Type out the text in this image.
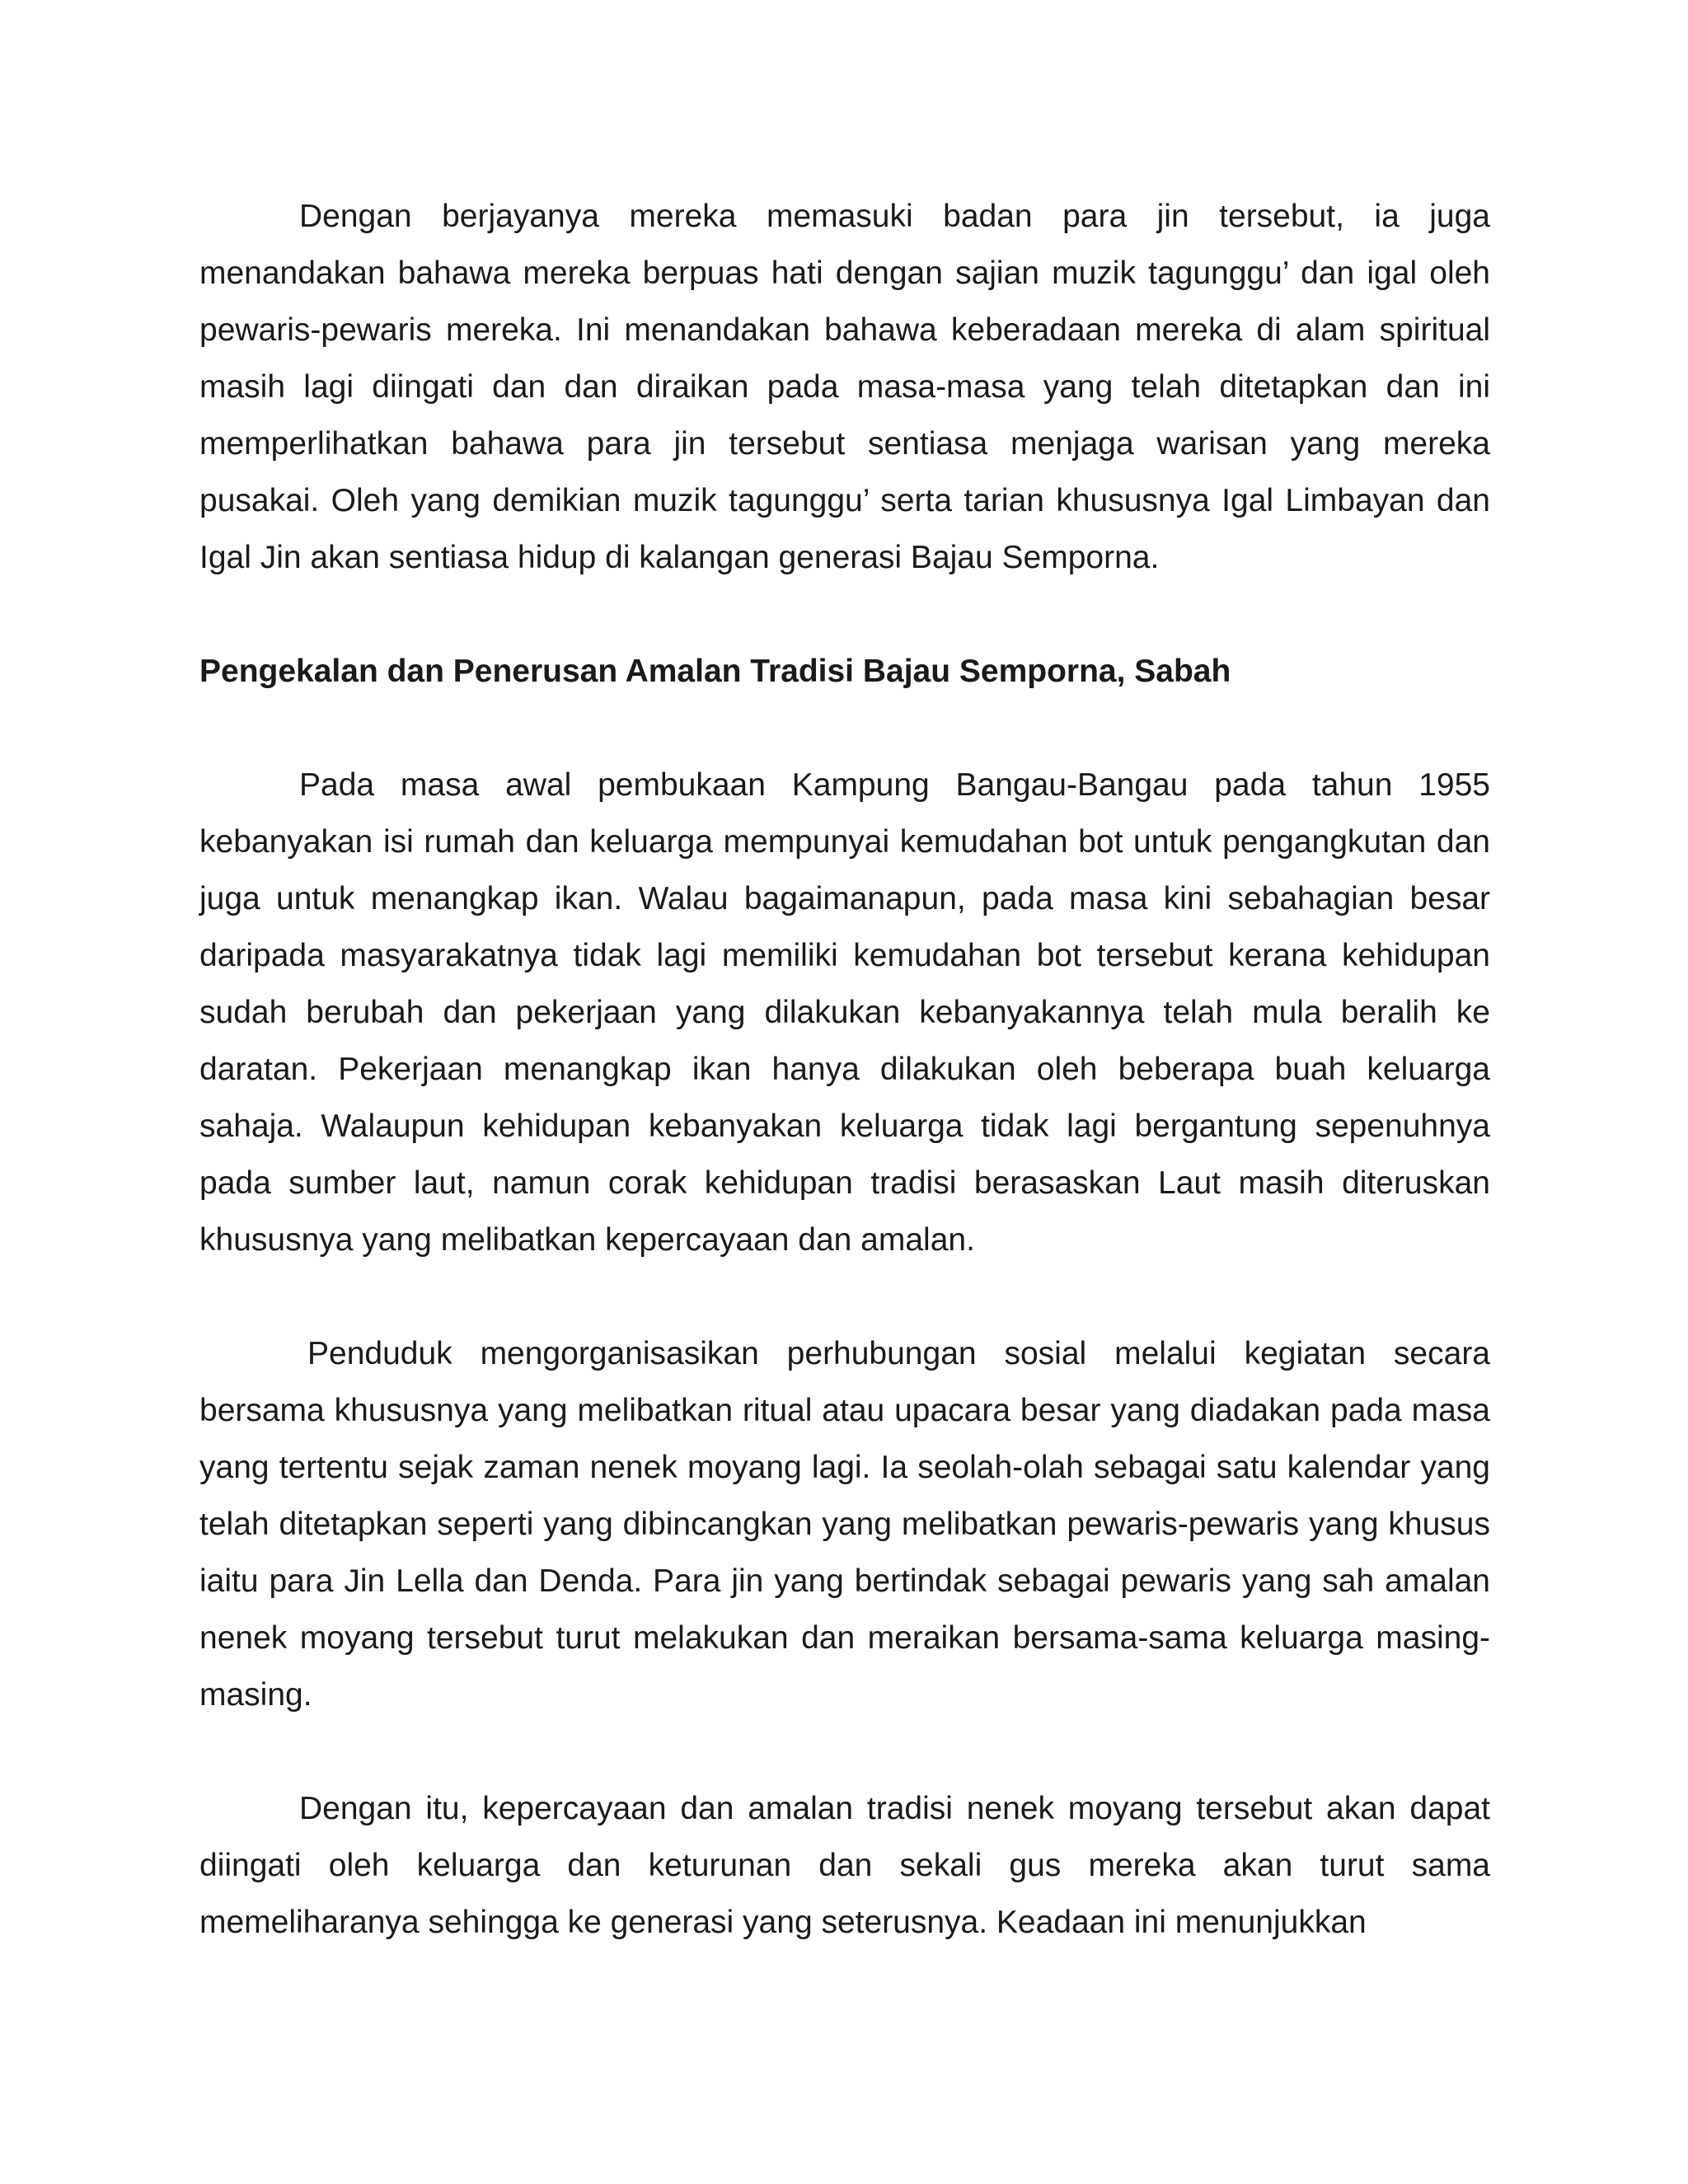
Dengan berjayanya mereka memasuki badan para jin tersebut, ia juga menandakan bahawa mereka berpuas hati dengan sajian muzik tagunggu’ dan igal oleh pewaris-pewaris mereka. Ini menandakan bahawa keberadaan mereka di alam spiritual masih lagi diingati dan dan diraikan pada masa-masa yang telah ditetapkan dan ini memperlihatkan bahawa para jin tersebut sentiasa menjaga warisan yang mereka pusakai. Oleh yang demikian muzik tagunggu’ serta tarian khususnya Igal Limbayan dan Igal Jin akan sentiasa hidup di kalangan generasi Bajau Semporna.

Pengekalan dan Penerusan Amalan Tradisi Bajau Semporna, Sabah

Pada masa awal pembukaan Kampung Bangau-Bangau pada tahun 1955 kebanyakan isi rumah dan keluarga mempunyai kemudahan bot untuk pengangkutan dan juga untuk menangkap ikan. Walau bagaimanapun, pada masa kini sebahagian besar daripada masyarakatnya tidak lagi memiliki kemudahan bot tersebut kerana kehidupan sudah berubah dan pekerjaan yang dilakukan kebanyakannya telah mula beralih ke daratan. Pekerjaan menangkap ikan hanya dilakukan oleh beberapa buah keluarga sahaja. Walaupun kehidupan kebanyakan keluarga tidak lagi bergantung sepenuhnya pada sumber laut, namun corak kehidupan tradisi berasaskan Laut masih diteruskan khususnya yang melibatkan kepercayaan dan amalan.

Penduduk mengorganisasikan perhubungan sosial melalui kegiatan secara bersama khususnya yang melibatkan ritual atau upacara besar yang diadakan pada masa yang tertentu sejak zaman nenek moyang lagi. Ia seolah-olah sebagai satu kalendar yang telah ditetapkan seperti yang dibincangkan yang melibatkan pewaris-pewaris yang khusus iaitu para Jin Lella dan Denda. Para jin yang bertindak sebagai pewaris yang sah amalan nenek moyang tersebut turut melakukan dan meraikan bersama-sama keluarga masing-masing.

Dengan itu, kepercayaan dan amalan tradisi nenek moyang tersebut akan dapat diingati oleh keluarga dan keturunan dan sekali gus mereka akan turut sama memeliharanya sehingga ke generasi yang seterusnya. Keadaan ini menunjukkan
